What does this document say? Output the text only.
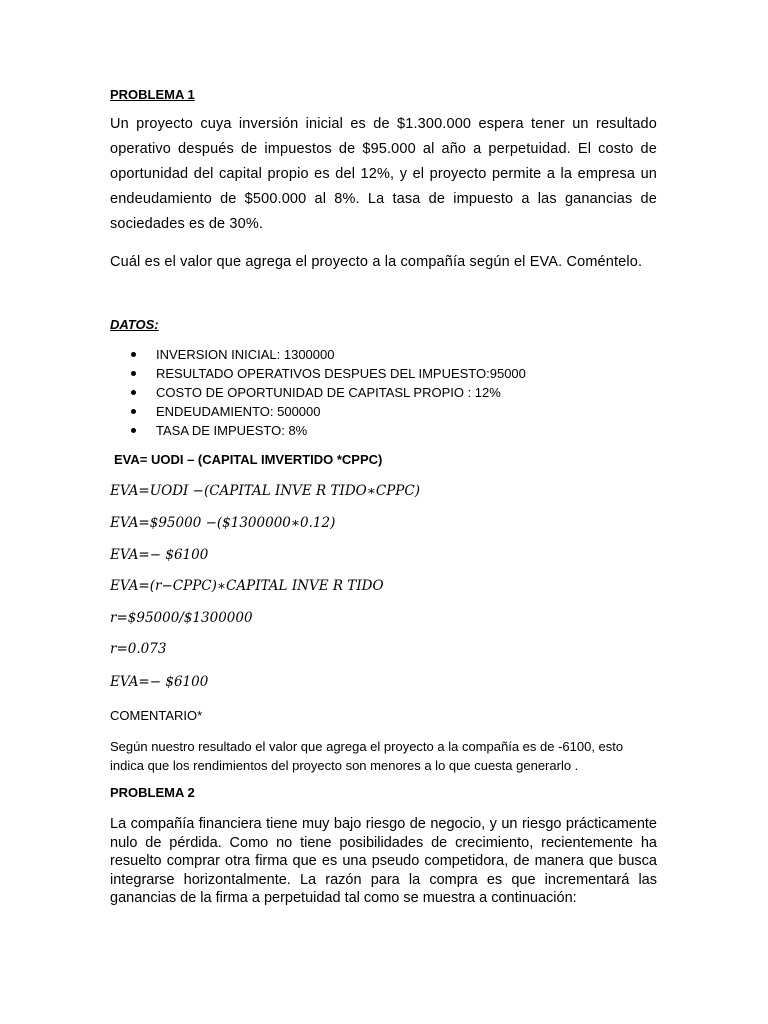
PROBLEMA 1
Un proyecto cuya inversión inicial es de $1.300.000 espera tener un resultado operativo después de impuestos de $95.000 al año a perpetuidad. El costo de oportunidad del capital propio es del 12%, y el proyecto permite a la empresa un endeudamiento de $500.000 al 8%. La tasa de impuesto a las ganancias de sociedades es de 30%.
Cuál es el valor que agrega el proyecto a la compañía según el EVA. Coméntelo.
DATOS:
INVERSION INICIAL: 1300000
RESULTADO OPERATIVOS DESPUES DEL IMPUESTO:95000
COSTO DE OPORTUNIDAD DE CAPITASL PROPIO : 12%
ENDEUDAMIENTO: 500000
TASA DE IMPUESTO: 8%
EVA= UODI – (CAPITAL IMVERTIDO *CPPC)
EVA=UODI −(CAPITAL INVE R TIDO∗CPPC)
EVA=$95000 −($1300000∗0.12)
EVA=− $6100
EVA=(r−CPPC)∗CAPITAL INVE R TIDO
r=$95000/$1300000
r=0.073
EVA=− $6100
COMENTARIO*
Según nuestro resultado el valor que agrega el proyecto a la compañía es de -6100, esto indica que los rendimientos del proyecto son menores a lo que cuesta generarlo .
PROBLEMA 2
La compañía financiera tiene muy bajo riesgo de negocio, y un riesgo prácticamente nulo de pérdida. Como no tiene posibilidades de crecimiento, recientemente ha resuelto comprar otra firma que es una pseudo competidora, de manera que busca integrarse horizontalmente. La razón para la compra es que incrementará las ganancias de la firma a perpetuidad tal como se muestra a continuación:
